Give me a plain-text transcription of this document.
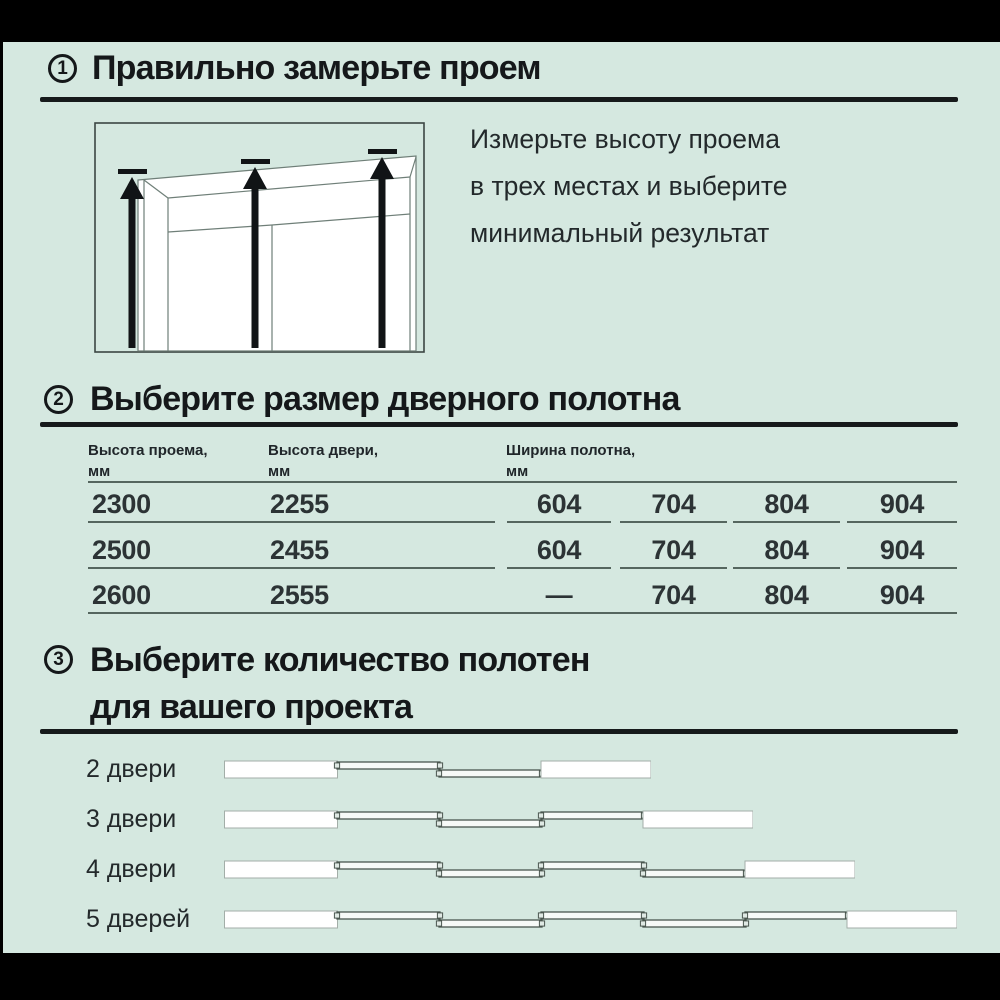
1 Правильно замерьте проем
Измерьте высоту проема
в трех местах и выберите
минимальный результат
2 Выберите размер дверного полотна
Высота проема,
мм
Высота двери,
мм
Ширина полотна,
мм
2300	2255	604	704	804	904
2500	2455	604	704	804	904
2600	2555	—	704	804	904
3 Выберите количество полотен
для вашего проекта
2 двери
3 двери
4 двери
5 дверей
